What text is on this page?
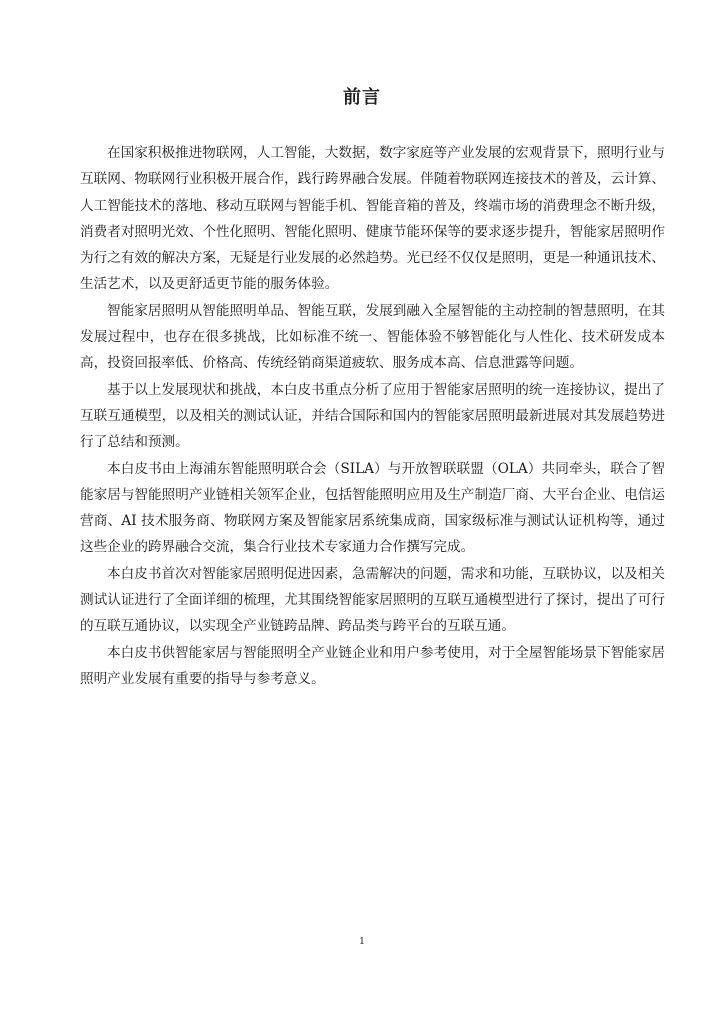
前言

在国家积极推进物联网，人工智能，大数据，数字家庭等产业发展的宏观背景下，照明行业与互联网、物联网行业积极开展合作，践行跨界融合发展。伴随着物联网连接技术的普及，云计算、人工智能技术的落地、移动互联网与智能手机、智能音箱的普及，终端市场的消费理念不断升级，消费者对照明光效、个性化照明、智能化照明、健康节能环保等的要求逐步提升，智能家居照明作为行之有效的解决方案，无疑是行业发展的必然趋势。光已经不仅仅是照明，更是一种通讯技术、生活艺术，以及更舒适更节能的服务体验。

智能家居照明从智能照明单品、智能互联，发展到融入全屋智能的主动控制的智慧照明，在其发展过程中，也存在很多挑战，比如标准不统一、智能体验不够智能化与人性化、技术研发成本高，投资回报率低、价格高、传统经销商渠道疲软、服务成本高、信息泄露等问题。

基于以上发展现状和挑战，本白皮书重点分析了应用于智能家居照明的统一连接协议，提出了互联互通模型，以及相关的测试认证，并结合国际和国内的智能家居照明最新进展对其发展趋势进行了总结和预测。

本白皮书由上海浦东智能照明联合会（SILA）与开放智联联盟（OLA）共同牵头，联合了智能家居与智能照明产业链相关领军企业，包括智能照明应用及生产制造厂商、大平台企业、电信运营商、AI 技术服务商、物联网方案及智能家居系统集成商，国家级标准与测试认证机构等，通过这些企业的跨界融合交流，集合行业技术专家通力合作撰写完成。

本白皮书首次对智能家居照明促进因素，急需解决的问题，需求和功能，互联协议，以及相关测试认证进行了全面详细的梳理，尤其围绕智能家居照明的互联互通模型进行了探讨，提出了可行的互联互通协议，以实现全产业链跨品牌、跨品类与跨平台的互联互通。

本白皮书供智能家居与智能照明全产业链企业和用户参考使用，对于全屋智能场景下智能家居照明产业发展有重要的指导与参考意义。

1
